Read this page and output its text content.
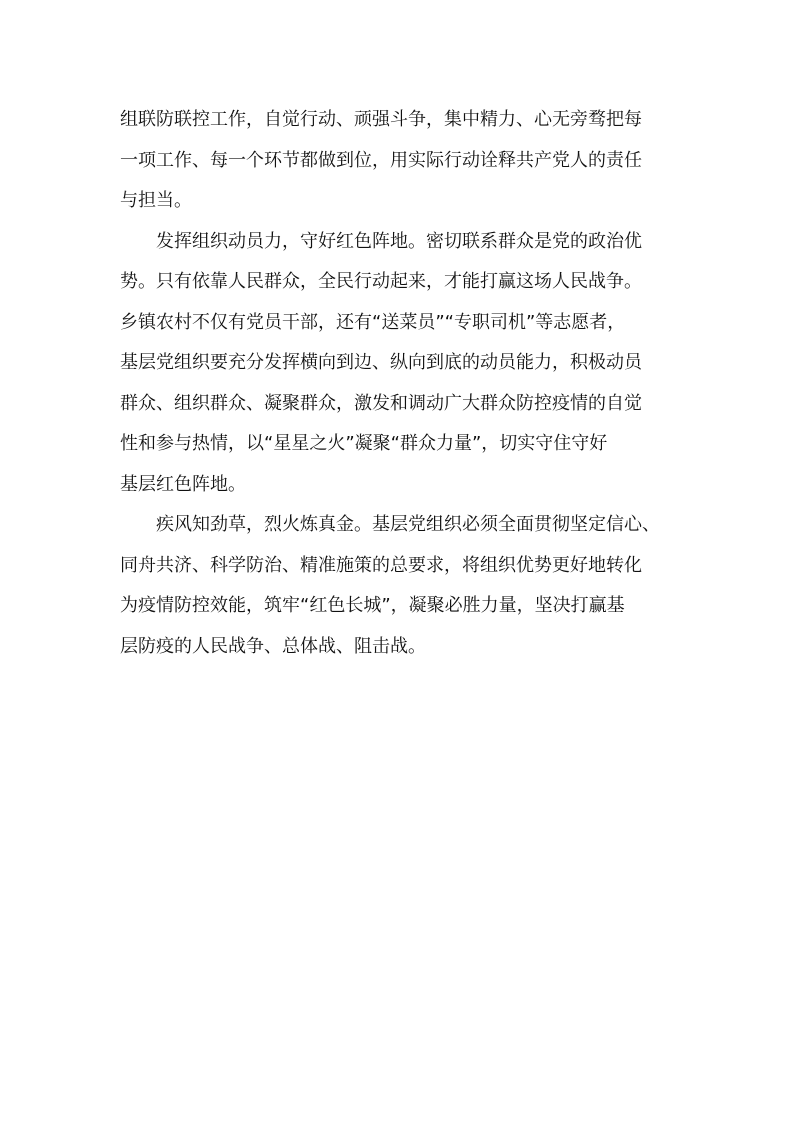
组联防联控工作，自觉行动、顽强斗争，集中精力、心无旁骛把每
一项工作、每一个环节都做到位，用实际行动诠释共产党人的责任
与担当。
发挥组织动员力，守好红色阵地。密切联系群众是党的政治优
势。只有依靠人民群众，全民行动起来，才能打赢这场人民战争。
乡镇农村不仅有党员干部，还有“送菜员”“专职司机”等志愿者，
基层党组织要充分发挥横向到边、纵向到底的动员能力，积极动员
群众、组织群众、凝聚群众，激发和调动广大群众防控疫情的自觉
性和参与热情，以“星星之火”凝聚“群众力量”，切实守住守好
基层红色阵地。
疾风知劲草，烈火炼真金。基层党组织必须全面贯彻坚定信心、
同舟共济、科学防治、精准施策的总要求，将组织优势更好地转化
为疫情防控效能，筑牢“红色长城”，凝聚必胜力量，坚决打赢基
层防疫的人民战争、总体战、阻击战。
